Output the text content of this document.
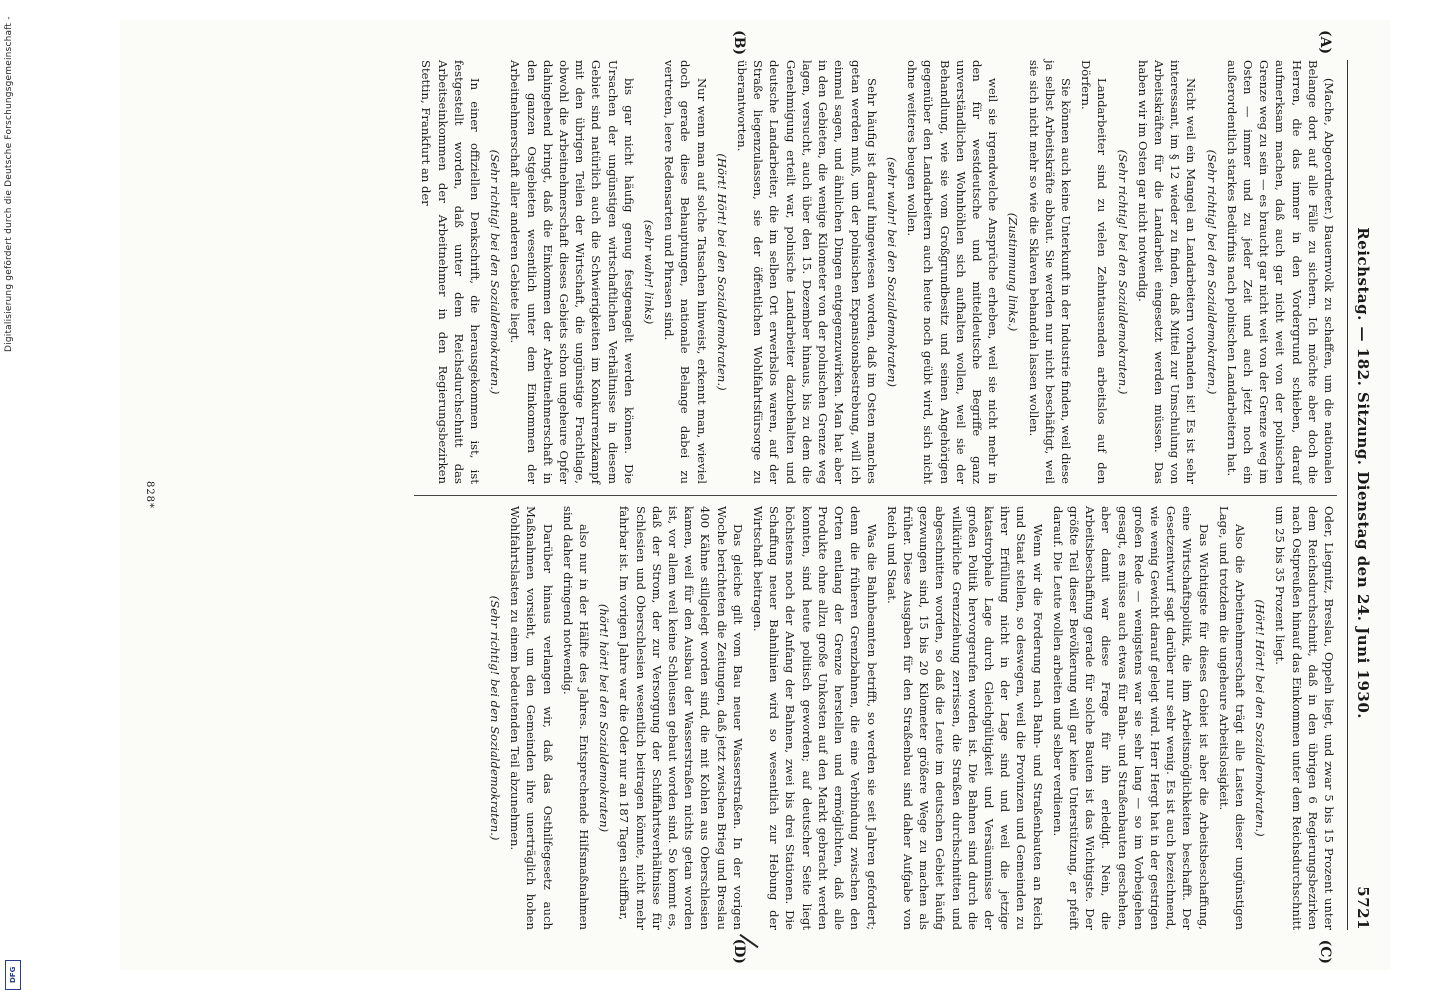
Digitalisierung gefördert durch die Deutsche Forschungsgemeinschaft -
DFG
Reichstag. — 182. Sitzung. Dienstag den 24. Juni 1930.
5721

(Mache, Abgeordneter.) Bauernvolk zu schaffen, um die nationalen Belange dort auf alle Fälle zu sichern. Ich möchte aber doch die Herren, die das immer in den Vordergrund schieben, darauf aufmerksam machen, daß auch gar nicht weit von der polnischen Grenze weg zu sein — es braucht gar nicht weit von der Grenze weg im Osten — immer und zu jeder Zeit und auch jetzt noch ein außerordentlich starkes Bedürfnis nach polnischen Landarbeitern hat.

(Sehr richtig! bei den Sozialdemokraten.)

Nicht weil ein Mangel an Landarbeitern vorhanden ist! Es ist sehr interessant, im § 12 wieder zu finden, daß Mittel zur Umschulung von Arbeitskräften für die Landarbeit eingesetzt werden müssen. Das haben wir im Osten gar nicht notwendig.

(Sehr richtig! bei den Sozialdemokraten.)

Landarbeiter sind zu vielen Zehntausenden arbeitslos auf den Dörfern.

Sie können auch keine Unterkunft in der Industrie finden, weil diese ja selbst Arbeitskräfte abbaut. Sie werden nur nicht beschäftigt, weil sie sich nicht mehr so wie die Sklaven behandeln lassen wollen.

(Zustimmung links.)

weil sie irgendwelche Ansprüche erheben, weil sie nicht mehr in den für westdeutsche und mitteldeutsche Begriffe ganz unverständlichen Wohnhöhlen sich aufhalten wollen, weil sie der Behandlung, wie sie vom Großgrundbesitz und seinen Angehörigen gegenüber den Landarbeitern auch heute noch geübt wird, sich nicht ohne weiteres beugen wollen.

(sehr wahr! bei den Sozialdemokraten)

Sehr häufig ist darauf hingewiesen worden, daß im Osten manches getan werden muß, um der polnischen Expansionsbestrebung, will ich einmal sagen, und ähnlichen Dingen entgegenzuwirken. Man hat aber in den Gebieten, die wenige Kilometer von der polnischen Grenze weg lagen, versucht, auch über den 15. Dezember hinaus, bis zu dem die Genehmigung erteilt war, polnische Landarbeiter dazubehalten und deutsche Landarbeiter, die im selben Ort erwerbslos waren, auf der Straße liegenzulassen, sie der öffentlichen Wohlfahrtsfürsorge zu überantworten.

(Hört! Hört! bei den Sozialdemokraten.)

Nur wenn man auf solche Tatsachen hinweist, erkennt man, wieviel doch gerade diese Behauptungen, nationale Belange dabei zu vertreten, leere Redensarten und Phrasen sind.

(sehr wahr! links)

bis gar nicht häufig genug festgenagelt werden können. Die Ursachen der ungünstigen wirtschaftlichen Verhältnisse in diesem Gebiet sind natürlich auch die Schwierigkeiten im Konkurrenzkampf mit den übrigen Teilen der Wirtschaft, die ungünstige Frachtlage, obwohl die Arbeitnehmerschaft dieses Gebiets schon ungeheure Opfer dahingehend bringt, daß die Einkommen der Arbeitnehmerschaft in den ganzen Ostgebieten wesentlich unter dem Einkommen der Arbeitnehmerschaft aller anderen Gebiete liegt.

(Sehr richtig! bei den Sozialdemokraten.)

In einer offiziellen Denkschrift, die herausgekommen ist, ist festgestellt worden, daß unter dem Reichsdurchschnitt das Arbeitseinkommen der Arbeitnehmer in den Regierungsbezirken Stettin, Frankfurt an der

Oder, Liegnitz, Breslau, Oppeln liegt, und zwar 5 bis 15 Prozent unter dem Reichsdurchschnitt, daß in den übrigen 6 Regierungsbezirken nach Ostpreußen hinauf das Einkommen unter dem Reichsdurchschnitt um 25 bis 35 Prozent liegt.

(Hört! Hört! bei den Sozialdemokraten.)

Also die Arbeitnehmerschaft trägt alle Lasten dieser ungünstigen Lage, und trotzdem die ungeheure Arbeitslosigkeit.

Das Wichtigste für dieses Gebiet ist aber die Arbeitsbeschaffung, eine Wirtschaftspolitik, die ihm Arbeitsmöglichkeiten beschafft. Der Gesetzentwurf sagt darüber nur sehr wenig. Es ist auch bezeichnend, wie wenig Gewicht darauf gelegt wird. Herr Hergt hat in der gestrigen großen Rede — wenigstens war sie sehr lang — so im Vorbeigehen gesagt, es müsse auch etwas für Bahn- und Straßenbauten geschehen, aber damit war diese Frage für ihn erledigt. Nein, die Arbeitsbeschaffung gerade für solche Bauten ist das Wichtigste. Der größte Teil dieser Bevölkerung will gar keine Unterstützung, er pfeift darauf. Die Leute wollen arbeiten und selber verdienen.

Wenn wir die Forderung nach Bahn- und Straßenbauten an Reich und Staat stellen, so deswegen, weil die Provinzen und Gemeinden zu ihrer Erfüllung nicht in der Lage sind und weil die jetzige katastrophale Lage durch Gleichgültigkeit und Versäumnisse der großen Politik hervorgerufen worden ist. Die Bahnen sind durch die willkürliche Grenzziehung zerrissen, die Straßen durchschnitten und abgeschnitten worden, so daß die Leute im deutschen Gebiet häufig gezwungen sind, 15 bis 20 Kilometer größere Wege zu machen als früher. Diese Ausgaben für den Straßenbau sind daher Aufgabe von Reich und Staat.

Was die Bahnbeamten betrifft, so werden sie seit Jahren gefordert; denn die früheren Grenzbahnen, die eine Verbindung zwischen den Orten entlang der Grenze herstellen und ermöglichten, daß alle Produkte ohne allzu große Unkosten auf den Markt gebracht werden konnten, sind heute politisch geworden; auf deutscher Seite liegt höchstens noch der Anfang der Bahnen, zwei bis drei Stationen. Die Schaffung neuer Bahnlinien wird so wesentlich zur Hebung der Wirtschaft beitragen.

Das gleiche gilt vom Bau neuer Wasserstraßen. In der vorigen Woche berichteten die Zeitungen, daß jetzt zwischen Brieg und Breslau 400 Kähne stillgelegt worden sind, die mit Kohlen aus Oberschlesien kamen, weil für den Ausbau der Wasserstraßen nichts getan worden ist, vor allem weil keine Schleusen gebaut worden sind. So kommt es, daß der Strom, der zur Versorgung der Schiffahrtsverhältnisse für Schlesien und Oberschlesien wesentlich beitragen könnte, nicht mehr fahrbar ist. Im vorigen Jahre war die Oder nur an 187 Tagen schiffbar,

(hört! hört! bei den Sozialdemokraten)

also nur in der Hälfte des Jahres. Entsprechende Hilfsmaßnahmen sind daher dringend notwendig.

Darüber hinaus verlangen wir, daß das Osthilfegesetz auch Maßnahmen vorsieht, um den Gemeinden ihre unerträglich hohen Wohlfahrtslasten zu einem bedeutenden Teil abzunehmen.

(Sehr richtig! bei den Sozialdemokraten.)

(A)
(B)
(C)
(D)
828*
